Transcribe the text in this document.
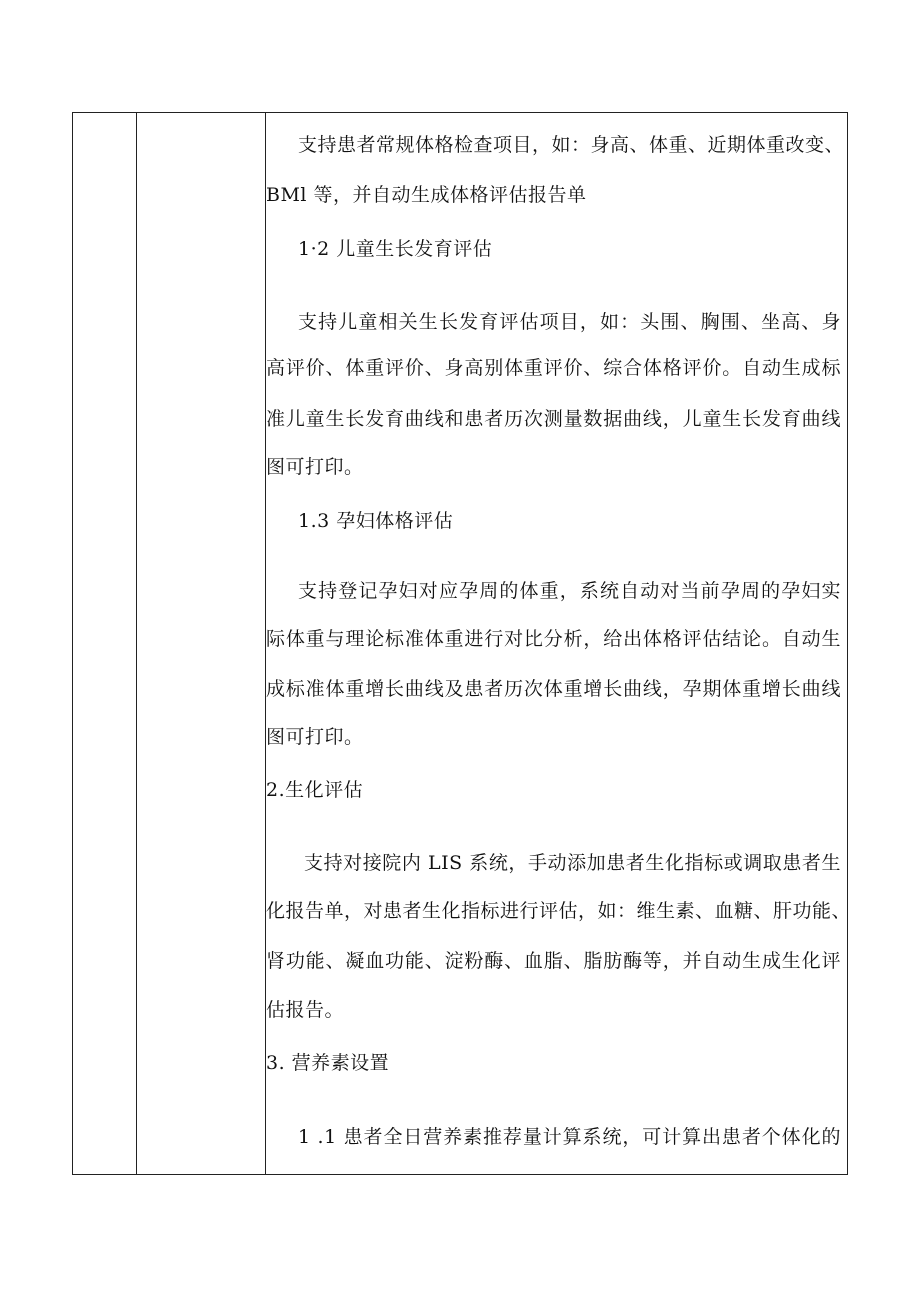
支持患者常规体格检查项目，如：身高、体重、近期体重改变、
BMl 等，并自动生成体格评估报告单
1·2 儿童生长发育评估
支持儿童相关生长发育评估项目，如：头围、胸围、坐高、身
高评价、体重评价、身高别体重评价、综合体格评价。自动生成标
准儿童生长发育曲线和患者历次测量数据曲线，儿童生长发育曲线
图可打印。
1.3 孕妇体格评估
支持登记孕妇对应孕周的体重，系统自动对当前孕周的孕妇实
际体重与理论标准体重进行对比分析，给出体格评估结论。自动生
成标准体重增长曲线及患者历次体重增长曲线，孕期体重增长曲线
图可打印。
2.生化评估
支持对接院内 LIS 系统，手动添加患者生化指标或调取患者生
化报告单，对患者生化指标进行评估，如：维生素、血糖、肝功能、
肾功能、凝血功能、淀粉酶、血脂、脂肪酶等，并自动生成生化评
估报告。
3. 营养素设置
1 .1 患者全日营养素推荐量计算系统，可计算出患者个体化的
